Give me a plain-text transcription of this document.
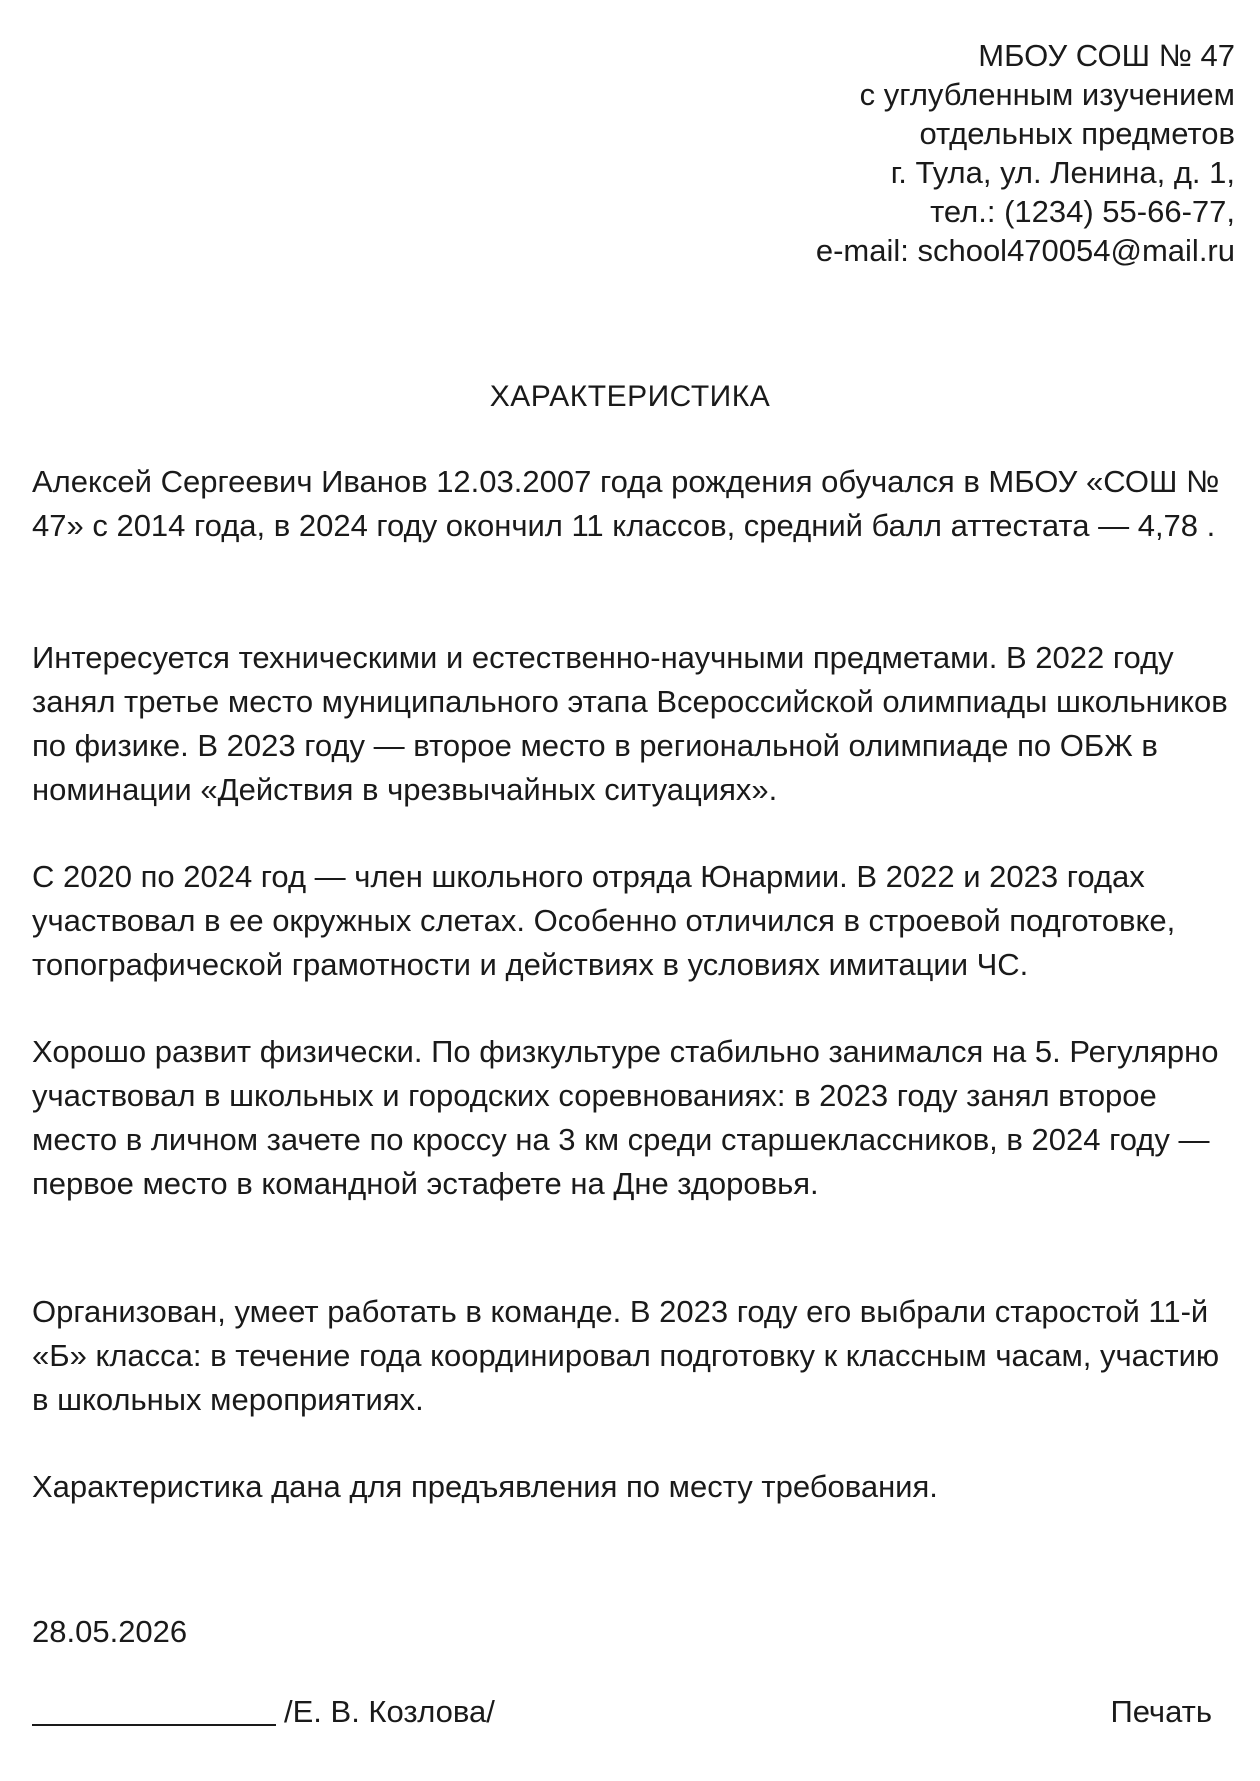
МБОУ СОШ № 47
с углубленным изучением
отдельных предметов
г. Тула, ул. Ленина, д. 1,
тел.: (1234) 55-66-77,
e-mail: school470054@mail.ru
ХАРАКТЕРИСТИКА

Алексей Сергеевич Иванов 12.03.2007 года рождения обучался в МБОУ «СОШ № 47» с 2014 года, в 2024 году окончил 11 классов, средний балл аттестата — 4,78 .

Интересуется техническими и естественно-научными предметами. В 2022 году занял третье место муниципального этапа Всероссийской олимпиады школьников по физике. В 2023 году — второе место в региональной олимпиаде по ОБЖ в номинации «Действия в чрезвычайных ситуациях».

С 2020 по 2024 год — член школьного отряда Юнармии. В 2022 и 2023 годах участвовал в ее окружных слетах. Особенно отличился в строевой подготовке, топографической грамотности и действиях в условиях имитации ЧС.

Хорошо развит физически. По физкультуре стабильно занимался на 5. Регулярно участвовал в школьных и городских соревнованиях: в 2023 году занял второе место в личном зачете по кроссу на 3 км среди старшеклассников, в 2024 году — первое место в командной эстафете на Дне здоровья.

Организован, умеет работать в команде. В 2023 году его выбрали старостой 11-й «Б» класса: в течение года координировал подготовку к классным часам, участию в школьных мероприятиях.

Характеристика дана для предъявления по месту требования.

28.05.2026
/Е. В. Козлова/	Печать
